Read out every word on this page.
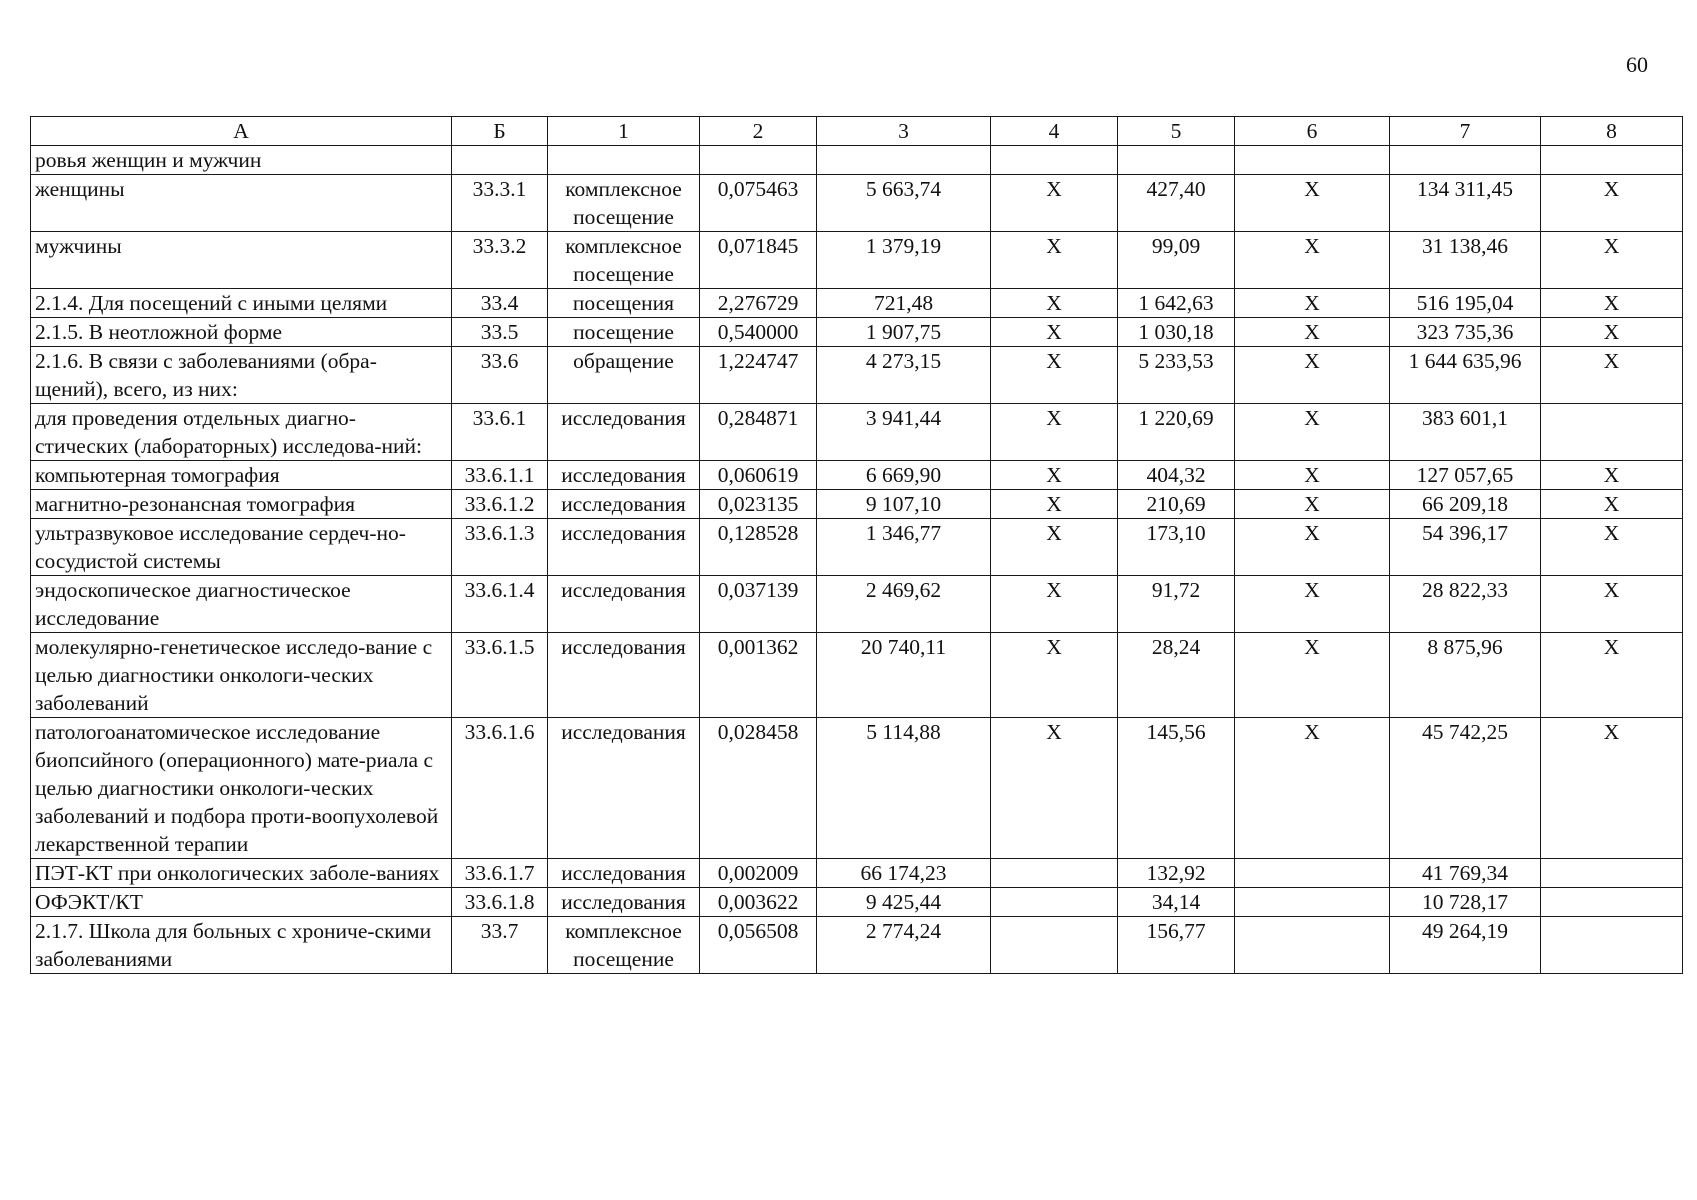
60
А	Б	1	2	3	4	5	6	7	8
ровья женщин и мужчин									
женщины	33.3.1	комплексное посещение	0,075463	5 663,74	X	427,40	X	134 311,45	X
мужчины	33.3.2	комплексное посещение	0,071845	1 379,19	X	99,09	X	31 138,46	X
2.1.4. Для посещений с иными целями	33.4	посещения	2,276729	721,48	X	1 642,63	X	516 195,04	X
2.1.5. В неотложной форме	33.5	посещение	0,540000	1 907,75	X	1 030,18	X	323 735,36	X
2.1.6. В связи с заболеваниями (обра-щений), всего, из них:	33.6	обращение	1,224747	4 273,15	X	5 233,53	X	1 644 635,96	X
для проведения отдельных диагно-стических (лабораторных) исследова-ний:	33.6.1	исследования	0,284871	3 941,44	X	1 220,69	X	383 601,1	
компьютерная томография	33.6.1.1	исследования	0,060619	6 669,90	X	404,32	X	127 057,65	X
магнитно-резонансная томография	33.6.1.2	исследования	0,023135	9 107,10	X	210,69	X	66 209,18	X
ультразвуковое исследование сердеч-но-сосудистой системы	33.6.1.3	исследования	0,128528	1 346,77	X	173,10	X	54 396,17	X
эндоскопическое диагностическое исследование	33.6.1.4	исследования	0,037139	2 469,62	X	91,72	X	28 822,33	X
молекулярно-генетическое исследо-вание с целью диагностики онкологи-ческих заболеваний	33.6.1.5	исследования	0,001362	20 740,11	X	28,24	X	8 875,96	X
патологоанатомическое исследование биопсийного (операционного) мате-риала с целью диагностики онкологи-ческих заболеваний и подбора проти-воопухолевой лекарственной терапии	33.6.1.6	исследования	0,028458	5 114,88	X	145,56	X	45 742,25	X
ПЭТ-КТ при онкологических заболе-ваниях	33.6.1.7	исследования	0,002009	66 174,23		132,92		41 769,34	
ОФЭКТ/КТ	33.6.1.8	исследования	0,003622	9 425,44		34,14		10 728,17	
2.1.7. Школа для больных с хрониче-скими заболеваниями	33.7	комплексное посещение	0,056508	2 774,24		156,77		49 264,19	
